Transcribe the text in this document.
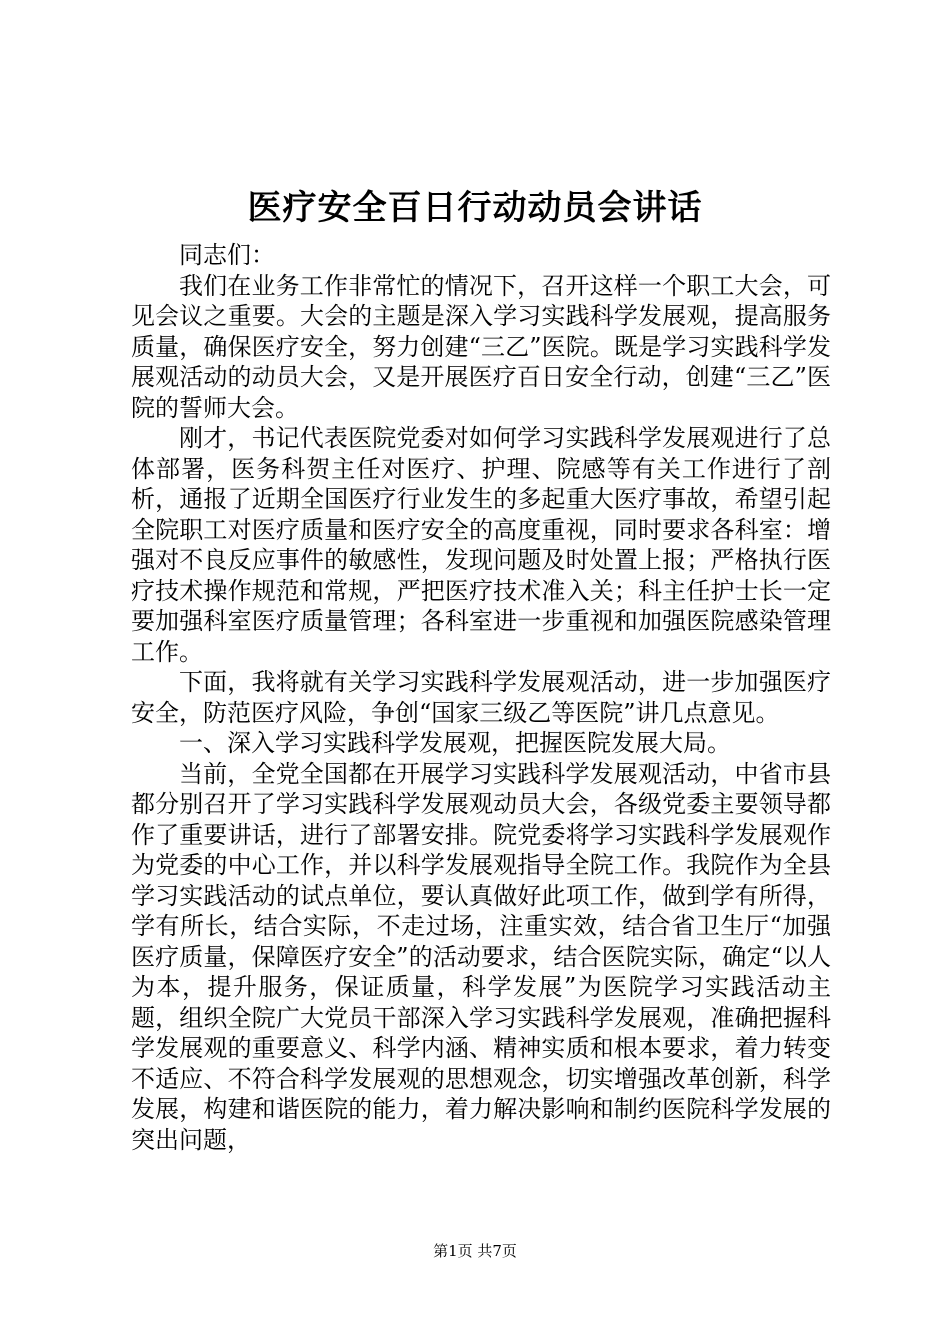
医疗安全百日行动动员会讲话

同志们：

我们在业务工作非常忙的情况下，召开这样一个职工大会，可见会议之重要。大会的主题是深入学习实践科学发展观，提高服务质量，确保医疗安全，努力创建“三乙”医院。既是学习实践科学发展观活动的动员大会，又是开展医疗百日安全行动，创建“三乙”医院的誓师大会。

刚才，书记代表医院党委对如何学习实践科学发展观进行了总体部署，医务科贺主任对医疗、护理、院感等有关工作进行了剖析，通报了近期全国医疗行业发生的多起重大医疗事故，希望引起全院职工对医疗质量和医疗安全的高度重视，同时要求各科室：增强对不良反应事件的敏感性，发现问题及时处置上报；严格执行医疗技术操作规范和常规，严把医疗技术准入关；科主任护士长一定要加强科室医疗质量管理；各科室进一步重视和加强医院感染管理工作。

下面，我将就有关学习实践科学发展观活动，进一步加强医疗安全，防范医疗风险，争创“国家三级乙等医院”讲几点意见。

一、深入学习实践科学发展观，把握医院发展大局。

当前，全党全国都在开展学习实践科学发展观活动，中省市县都分别召开了学习实践科学发展观动员大会，各级党委主要领导都作了重要讲话，进行了部署安排。院党委将学习实践科学发展观作为党委的中心工作，并以科学发展观指导全院工作。我院作为全县学习实践活动的试点单位，要认真做好此项工作，做到学有所得，学有所长，结合实际，不走过场，注重实效，结合省卫生厅“加强医疗质量，保障医疗安全”的活动要求，结合医院实际，确定“以人为本，提升服务，保证质量，科学发展”为医院学习实践活动主题，组织全院广大党员干部深入学习实践科学发展观，准确把握科学发展观的重要意义、科学内涵、精神实质和根本要求，着力转变不适应、不符合科学发展观的思想观念，切实增强改革创新，科学发展，构建和谐医院的能力，着力解决影响和制约医院科学发展的突出问题，

第1页 共7页
